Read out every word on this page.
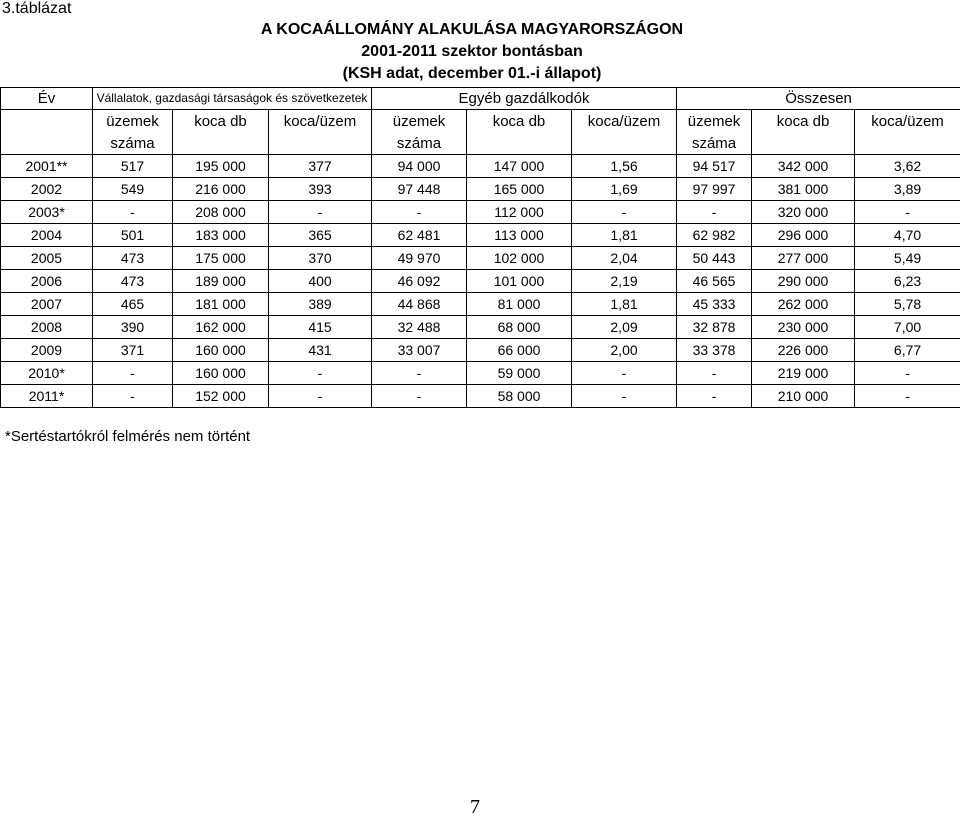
3.táblázat
A KOCAÁLLOMÁNY ALAKULÁSA MAGYARORSZÁGON
2001-2011 szektor bontásban
(KSH adat, december 01.-i állapot)
Év	Vállalatok, gazdasági társaságok és szövetkezetek			Egyéb gazdálkodók			Összesen		
	üzemek	koca db	koca/üzem	üzemek	koca db	koca/üzem	üzemek	koca db	koca/üzem
	száma			száma			száma		
2001**	517	195 000	377	94 000	147 000	1,56	94 517	342 000	3,62
2002	549	216 000	393	97 448	165 000	1,69	97 997	381 000	3,89
2003*	-	208 000	-	-	112 000	-	-	320 000	-
2004	501	183 000	365	62 481	113 000	1,81	62 982	296 000	4,70
2005	473	175 000	370	49 970	102 000	2,04	50 443	277 000	5,49
2006	473	189 000	400	46 092	101 000	2,19	46 565	290 000	6,23
2007	465	181 000	389	44 868	81 000	1,81	45 333	262 000	5,78
2008	390	162 000	415	32 488	68 000	2,09	32 878	230 000	7,00
2009	371	160 000	431	33 007	66 000	2,00	33 378	226 000	6,77
2010*	-	160 000	-	-	59 000	-	-	219 000	-
2011*	-	152 000	-	-	58 000	-	-	210 000	-
*Sertéstartókról felmérés nem történt
7
